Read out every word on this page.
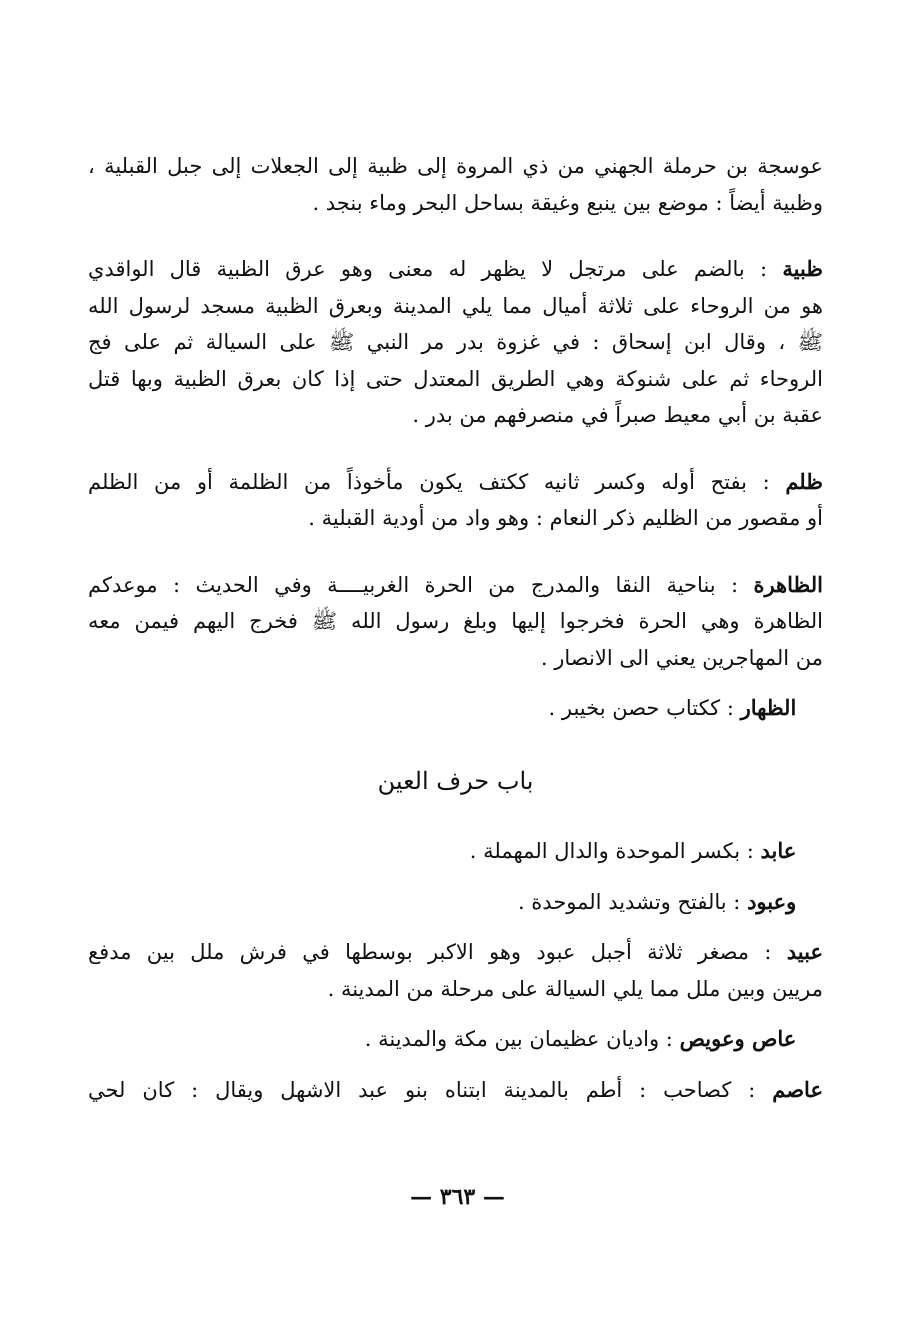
عوسجة بن حرملة الجهني من ذي المروة إلى ظبية إلى الجعلات إلى جبل القبلية ،
وظبية أيضاً : موضع بين ينبع وغيقة بساحل البحر وماء بنجد .
ظبية : بالضم على مرتجل لا يظهر له معنى وهو عرق الظبية قال الواقدي
هو من الروحاء على ثلاثة أميال مما يلي المدينة وبعرق الظبية مسجد لرسول الله
ﷺ ، وقال ابن إسحاق : في غزوة بدر مر النبي ﷺ على السيالة ثم على فج
الروحاء ثم على شنوكة وهي الطريق المعتدل حتى إذا كان بعرق الظبية وبها قتل
عقبة بن أبي معيط صبراً في منصرفهم من بدر .
ظلم : بفتح أوله وكسر ثانيه ككتف يكون مأخوذاً من الظلمة أو من الظلم
أو مقصور من الظليم ذكر النعام : وهو واد من أودية القبلية .
الظاهرة : بناحية النقا والمدرج من الحرة الغربيــــة وفي الحديث : موعدكم
الظاهرة وهي الحرة فخرجوا إليها وبلغ رسول الله ﷺ فخرج اليهم فيمن معه
من المهاجرين يعني الى الانصار .
الظهار : ككتاب حصن بخيبر .
باب حرف العين
عابد : بكسر الموحدة والدال المهملة .
وعبود : بالفتح وتشديد الموحدة .
عبيد : مصغر ثلاثة أجبل عبود وهو الاكبر بوسطها في فرش ملل بين مدفع
مريين وبين ملل مما يلي السيالة على مرحلة من المدينة .
عاص وعويص : واديان عظيمان بين مكة والمدينة .
عاصم : كصاحب : أطم بالمدينة ابتناه بنو عبد الاشهل ويقال : كان لحي
— ٣٦٣ —
